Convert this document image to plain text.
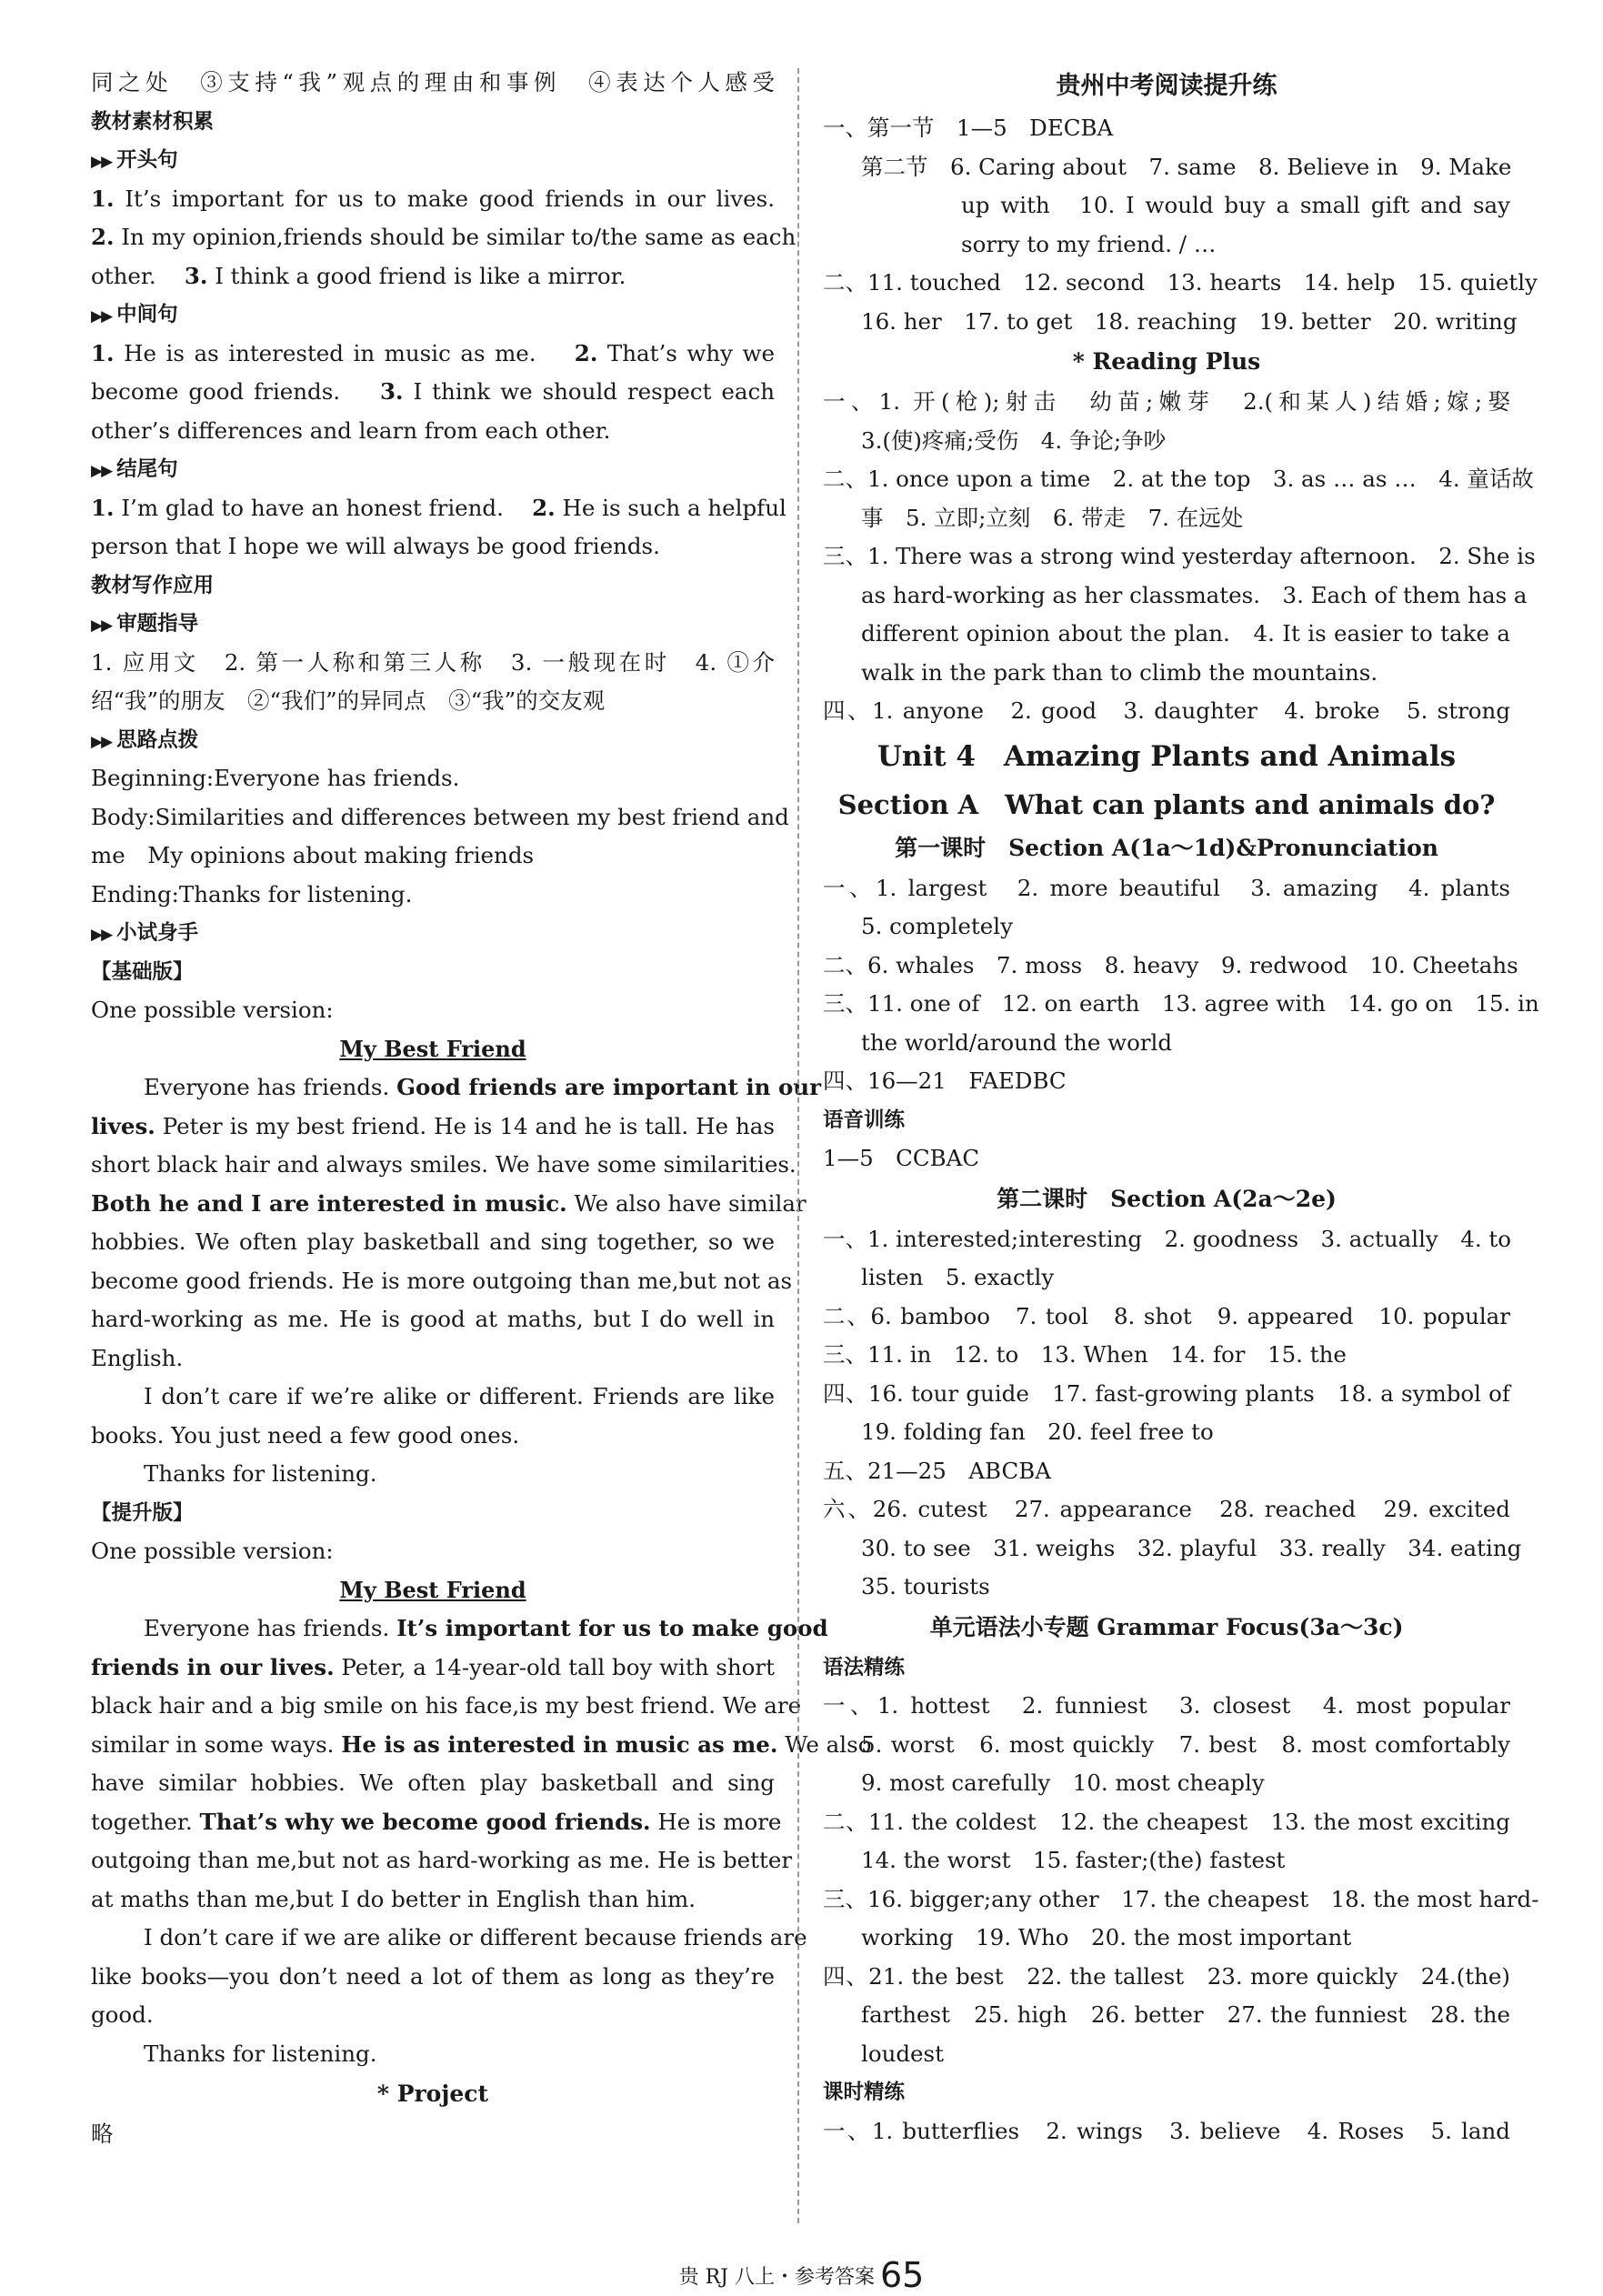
同之处　③支持“我”观点的理由和事例　④表达个人感受
教材素材积累
▶▶ 开头句
1. It’s important for us to make good friends in our lives.
2. In my opinion,friends should be similar to/the same as each
other. 3. I think a good friend is like a mirror.
▶▶ 中间句
1. He is as interested in music as me. 2. That’s why we
become good friends. 3. I think we should respect each
other’s differences and learn from each other.
▶▶ 结尾句
1. I’m glad to have an honest friend. 2. He is such a helpful
person that I hope we will always be good friends.
教材写作应用
▶▶ 审题指导
1. 应用文　2. 第一人称和第三人称　3. 一般现在时　4. ①介
绍“我”的朋友　②“我们”的异同点　③“我”的交友观
▶▶ 思路点拨
Beginning:Everyone has friends.
Body:Similarities and differences between my best friend and
me　My opinions about making friends
Ending:Thanks for listening.
▶▶ 小试身手
【基础版】
One possible version:
My Best Friend
Everyone has friends. Good friends are important in our
lives. Peter is my best friend. He is 14 and he is tall. He has
short black hair and always smiles. We have some similarities.
Both he and I are interested in music. We also have similar
hobbies. We often play basketball and sing together, so we
become good friends. He is more outgoing than me,but not as
hard-working as me. He is good at maths, but I do well in
English.
I don’t care if we’re alike or different. Friends are like
books. You just need a few good ones.
Thanks for listening.
【提升版】
One possible version:
My Best Friend
Everyone has friends. It’s important for us to make good
friends in our lives. Peter, a 14-year-old tall boy with short
black hair and a big smile on his face,is my best friend. We are
similar in some ways. He is as interested in music as me. We also
have similar hobbies. We often play basketball and sing
together. That’s why we become good friends. He is more
outgoing than me,but not as hard-working as me. He is better
at maths than me,but I do better in English than him.
I don’t care if we are alike or different because friends are
like books—you don’t need a lot of them as long as they’re
good.
Thanks for listening.
* Project
略
贵州中考阅读提升练
一、第一节　1—5　DECBA
第二节　6. Caring about　7. same　8. Believe in　9. Make
up with　10. I would buy a small gift and say
sorry to my friend. / …
二、11. touched　12. second　13. hearts　14. help　15. quietly
16. her　17. to get　18. reaching　19. better　20. writing
* Reading Plus
一、1. 开(枪);射击　幼苗;嫩芽　2.(和某人)结婚;嫁;娶
3.(使)疼痛;受伤　4. 争论;争吵
二、1. once upon a time　2. at the top　3. as … as …　4. 童话故
事　5. 立即;立刻　6. 带走　7. 在远处
三、1. There was a strong wind yesterday afternoon.　2. She is
as hard-working as her classmates.　3. Each of them has a
different opinion about the plan.　4. It is easier to take a
walk in the park than to climb the mountains.
四、1. anyone　2. good　3. daughter　4. broke　5. strong
Unit 4　Amazing Plants and Animals
Section A　What can plants and animals do?
第一课时　Section A(1a～1d)&Pronunciation
一、1. largest　2. more beautiful　3. amazing　4. plants
5. completely
二、6. whales　7. moss　8. heavy　9. redwood　10. Cheetahs
三、11. one of　12. on earth　13. agree with　14. go on　15. in
the world/around the world
四、16—21　FAEDBC
语音训练
1—5　CCBAC
第二课时　Section A(2a～2e)
一、1. interested;interesting　2. goodness　3. actually　4. to
listen　5. exactly
二、6. bamboo　7. tool　8. shot　9. appeared　10. popular
三、11. in　12. to　13. When　14. for　15. the
四、16. tour guide　17. fast-growing plants　18. a symbol of
19. folding fan　20. feel free to
五、21—25　ABCBA
六、26. cutest　27. appearance　28. reached　29. excited
30. to see　31. weighs　32. playful　33. really　34. eating
35. tourists
单元语法小专题 Grammar Focus(3a～3c)
语法精练
一、1. hottest　2. funniest　3. closest　4. most popular
5. worst　6. most quickly　7. best　8. most comfortably
9. most carefully　10. most cheaply
二、11. the coldest　12. the cheapest　13. the most exciting
14. the worst　15. faster;(the) fastest
三、16. bigger;any other　17. the cheapest　18. the most hard-
working　19. Who　20. the most important
四、21. the best　22. the tallest　23. more quickly　24.(the)
farthest　25. high　26. better　27. the funniest　28. the
loudest
课时精练
一、1. butterflies　2. wings　3. believe　4. Roses　5. land
贵 RJ 八上・参考答案 65
